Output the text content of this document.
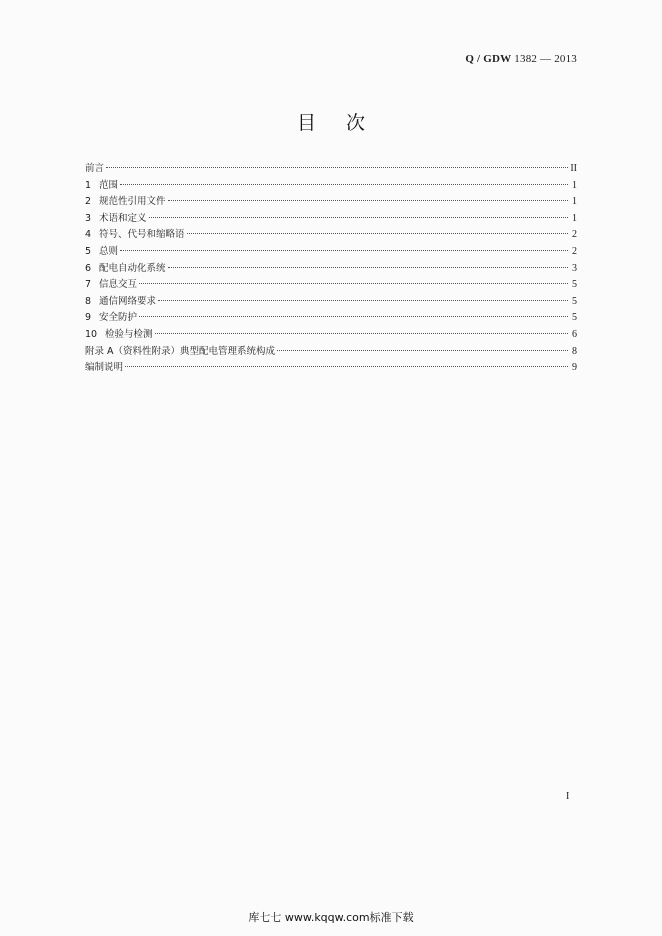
Q / GDW 1382 — 2013
目次
前言	II
1 范围	1
2 规范性引用文件	1
3 术语和定义	1
4 符号、代号和缩略语	2
5 总则	2
6 配电自动化系统	3
7 信息交互	5
8 通信网络要求	5
9 安全防护	5
10 检验与检测	6
附录 A（资料性附录）典型配电管理系统构成	8
编制说明	9
I
库七七 www.kqqw.com标准下载
